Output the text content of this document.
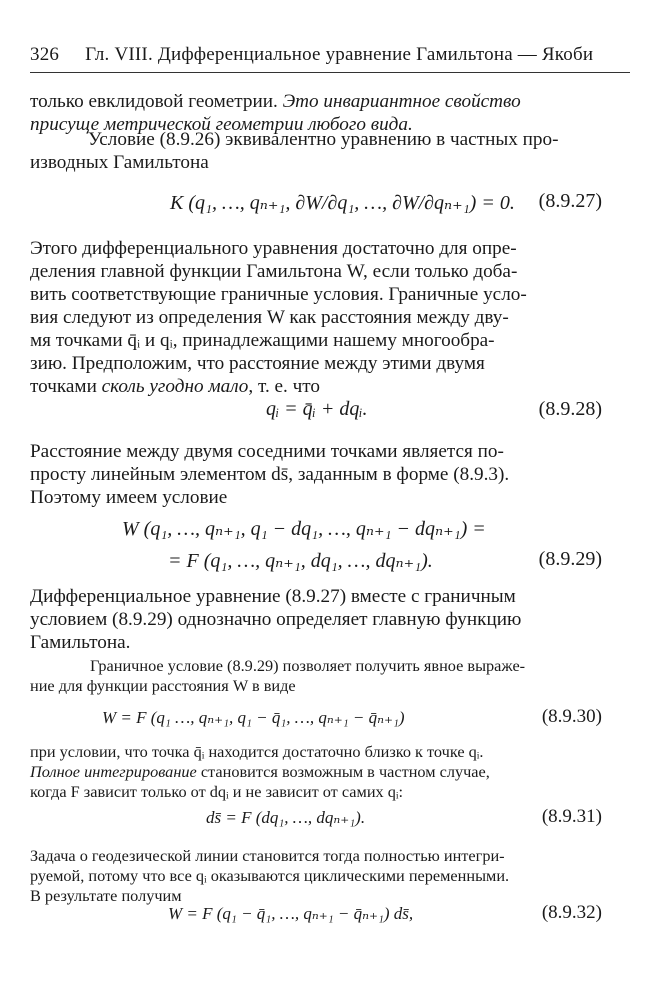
326 Гл. VIII. Дифференциальное уравнение Гамильтона — Якоби
только евклидовой геометрии. Это инвариантное свойство
присуще метрической геометрии любого вида.
Условие (8.9.26) эквивалентно уравнению в частных про-
изводных Гамильтона
K (q₁, …, qₙ₊₁, ∂W/∂q₁, …, ∂W/∂qₙ₊₁) = 0. (8.9.27)
Этого дифференциального уравнения достаточно для опре-
деления главной функции Гамильтона W, если только доба-
вить соответствующие граничные условия. Граничные усло-
вия следуют из определения W как расстояния между дву-
мя точками q̄ᵢ и qᵢ, принадлежащими нашему многообра-
зию. Предположим, что расстояние между этими двумя
точками сколь угодно мало, т. е. что
qᵢ = q̄ᵢ + dqᵢ.	(8.9.28)
Расстояние между двумя соседними точками является по-
просту линейным элементом ds̄, заданным в форме (8.9.3).
Поэтому имеем условие
W (q₁, …, qₙ₊₁, q₁ − dq₁, …, qₙ₊₁ − dqₙ₊₁) =
= F (q₁, …, qₙ₊₁, dq₁, …, dqₙ₊₁).	(8.9.29)
Дифференциальное уравнение (8.9.27) вместе с граничным
условием (8.9.29) однозначно определяет главную функцию
Гамильтона.
Граничное условие (8.9.29) позволяет получить явное выраже-
ние для функции расстояния W в виде
W = F (q₁ …, qₙ₊₁, q₁ − q̄₁, …, qₙ₊₁ − q̄ₙ₊₁)	(8.9.30)
при условии, что точка q̄ᵢ находится достаточно близко к точке qᵢ.
Полное интегрирование становится возможным в частном случае,
когда F зависит только от dqᵢ и не зависит от самих qᵢ:
ds̄ = F (dq₁, …, dqₙ₊₁).	(8.9.31)
Задача о геодезической линии становится тогда полностью интегри-
руемой, потому что все qᵢ оказываются циклическими переменными.
В результате получим
W = F (q₁ − q̄₁, …, qₙ₊₁ − q̄ₙ₊₁) ds̄,	(8.9.32)
